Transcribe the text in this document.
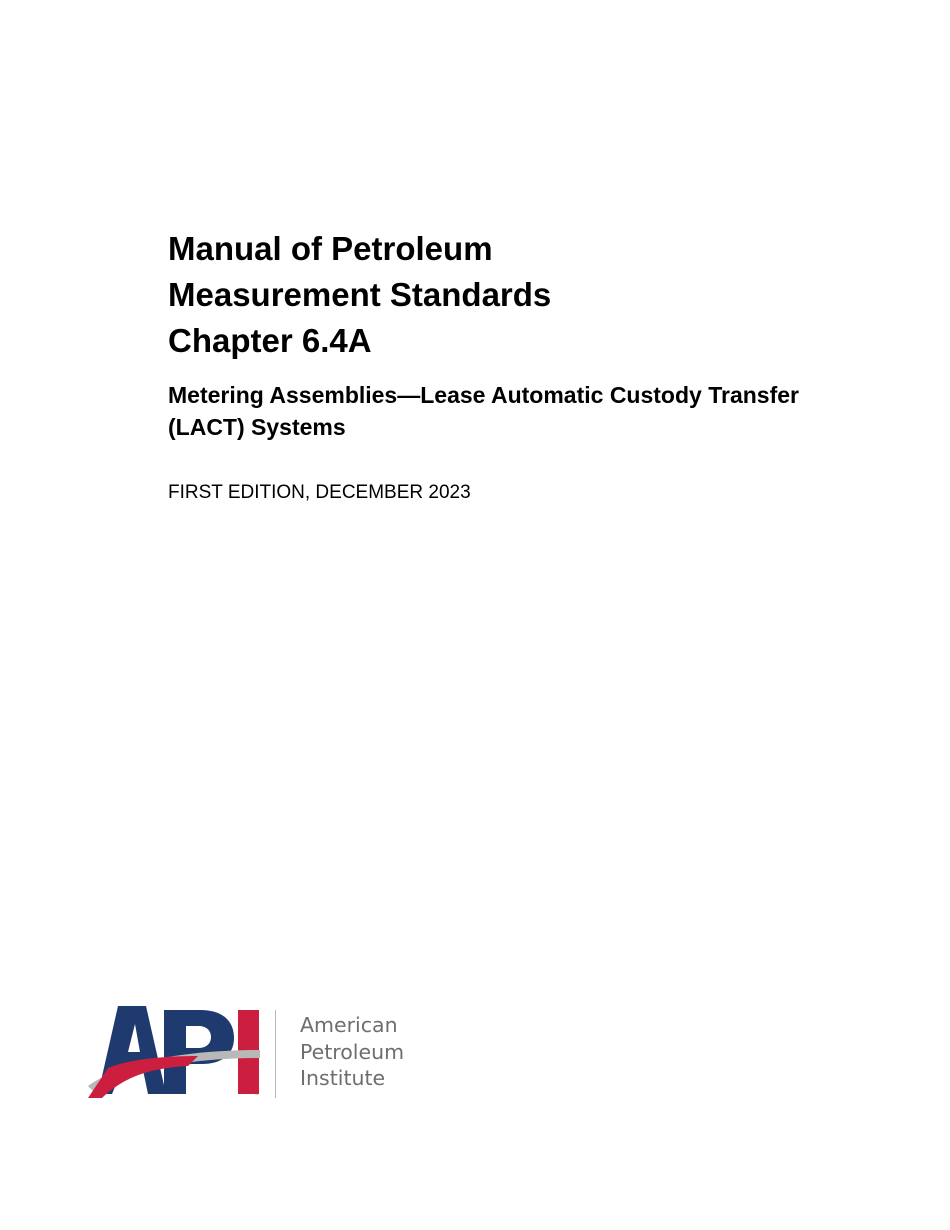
Manual of Petroleum
Measurement Standards
Chapter 6.4A
Metering Assemblies—Lease Automatic Custody Transfer
(LACT) Systems
FIRST EDITION, DECEMBER 2023
™
American
Petroleum
Institute
